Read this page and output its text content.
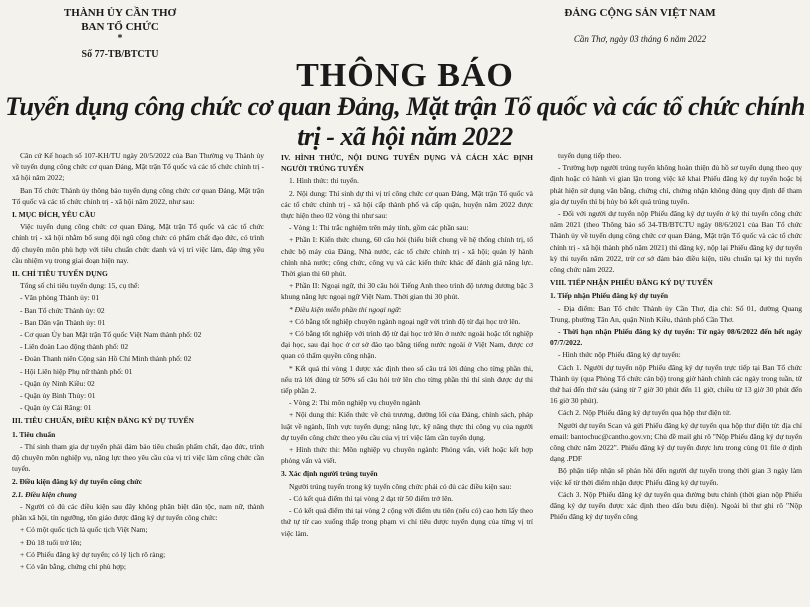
THÀNH ỦY CẦN THƠ
BAN TỔ CHỨC
*
Số 77-TB/BTCTU
ĐẢNG CỘNG SẢN VIỆT NAM
Cần Thơ, ngày 03 tháng 6 năm 2022
THÔNG BÁO
Tuyển dụng công chức cơ quan Đảng, Mặt trận Tổ quốc và các tổ chức chính trị - xã hội năm 2022

Căn cứ Kế hoạch số 107-KH/TU ngày 20/5/2022 của Ban Thường vụ Thành ủy về tuyển dụng công chức cơ quan Đảng, Mặt trận Tổ quốc và các tổ chức chính trị - xã hội năm 2022;

Ban Tổ chức Thành ủy thông báo tuyển dụng công chức cơ quan Đảng, Mặt trận Tổ quốc và các tổ chức chính trị - xã hội năm 2022, như sau:

I. MỤC ĐÍCH, YÊU CẦU

Việc tuyển dụng công chức cơ quan Đảng, Mặt trận Tổ quốc và các tổ chức chính trị - xã hội nhằm bổ sung đội ngũ công chức có phẩm chất đạo đức, có trình độ chuyên môn phù hợp với tiêu chuẩn chức danh và vị trí việc làm, đáp ứng yêu cầu nhiệm vụ trong giai đoạn hiện nay.

II. CHỈ TIÊU TUYỂN DỤNG

Tổng số chỉ tiêu tuyển dụng: 15, cụ thể:

- Văn phòng Thành ủy: 01

- Ban Tổ chức Thành ủy: 02

- Ban Dân vận Thành ủy: 01

- Cơ quan Ủy ban Mặt trận Tổ quốc Việt Nam thành phố: 02

- Liên đoàn Lao động thành phố: 02

- Đoàn Thanh niên Cộng sản Hồ Chí Minh thành phố: 02

- Hội Liên hiệp Phụ nữ thành phố: 01

- Quận ủy Ninh Kiều: 02

- Quận ủy Bình Thủy: 01

- Quận ủy Cái Răng: 01

III. TIÊU CHUẨN, ĐIỀU KIỆN ĐĂNG KÝ DỰ TUYỂN

1. Tiêu chuẩn

- Thí sinh tham gia dự tuyển phải đảm bảo tiêu chuẩn phẩm chất, đạo đức, trình độ chuyên môn nghiệp vụ, năng lực theo yêu cầu của vị trí việc làm công chức cần tuyển.

2. Điều kiện đăng ký dự tuyển công chức

2.1. Điều kiện chung

- Người có đủ các điều kiện sau đây không phân biệt dân tộc, nam nữ, thành phần xã hội, tín ngưỡng, tôn giáo được đăng ký dự tuyển công chức:

+ Có một quốc tịch là quốc tịch Việt Nam;

+ Đủ 18 tuổi trở lên;

+ Có Phiếu đăng ký dự tuyển; có lý lịch rõ ràng;

+ Có văn bằng, chứng chỉ phù hợp;

IV. HÌNH THỨC, NỘI DUNG TUYỂN DỤNG VÀ CÁCH XÁC ĐỊNH NGƯỜI TRÚNG TUYỂN

1. Hình thức: thi tuyển.

2. Nội dung: Thí sinh dự thi vị trí công chức cơ quan Đảng, Mặt trận Tổ quốc và các tổ chức chính trị - xã hội cấp thành phố và cấp quận, huyện năm 2022 được thực hiện theo 02 vòng thi như sau:

- Vòng 1: Thi trắc nghiệm trên máy tính, gồm các phần sau:

+ Phần I: Kiến thức chung, 60 câu hỏi (hiểu biết chung về hệ thống chính trị, tổ chức bộ máy của Đảng, Nhà nước, các tổ chức chính trị - xã hội; quản lý hành chính nhà nước; công chức, công vụ và các kiến thức khác để đánh giá năng lực. Thời gian thi 60 phút.

+ Phần II: Ngoại ngữ, thi 30 câu hỏi Tiếng Anh theo trình độ tương đương bậc 3 khung năng lực ngoại ngữ Việt Nam. Thời gian thi 30 phút.

* Điều kiện miễn phần thi ngoại ngữ:

+ Có bằng tốt nghiệp chuyên ngành ngoại ngữ với trình độ từ đại học trở lên.

+ Có bằng tốt nghiệp với trình độ từ đại học trở lên ở nước ngoài hoặc tốt nghiệp đại học, sau đại học ở cơ sở đào tạo bằng tiếng nước ngoài ở Việt Nam, được cơ quan có thẩm quyền công nhận.

* Kết quả thi vòng 1 được xác định theo số câu trả lời đúng cho từng phần thi, nếu trả lời đúng từ 50% số câu hỏi trở lên cho từng phần thì thí sinh được dự thi tiếp phần 2.

- Vòng 2: Thi môn nghiệp vụ chuyên ngành

+ Nội dung thi: Kiến thức về chủ trương, đường lối của Đảng, chính sách, pháp luật về ngành, lĩnh vực tuyển dụng; năng lực, kỹ năng thực thi công vụ của người dự tuyển công chức theo yêu cầu của vị trí việc làm cần tuyển dụng.

+ Hình thức thi: Môn nghiệp vụ chuyên ngành: Phỏng vấn, viết hoặc kết hợp phỏng vấn và viết.

3. Xác định người trúng tuyển

Người trúng tuyển trong kỳ tuyển công chức phải có đủ các điều kiện sau:

- Có kết quả điểm thi tại vòng 2 đạt từ 50 điểm trở lên.

- Có kết quả điểm thi tại vòng 2 cộng với điểm ưu tiên (nếu có) cao hơn lấy theo thứ tự từ cao xuống thấp trong phạm vi chỉ tiêu được tuyển dụng của từng vị trí việc làm.

tuyển dụng tiếp theo.

- Trường hợp người trúng tuyển không hoàn thiện đủ hồ sơ tuyển dụng theo quy định hoặc có hành vi gian lận trong việc kê khai Phiếu đăng ký dự tuyển hoặc bị phát hiện sử dụng văn bằng, chứng chỉ, chứng nhận không đúng quy định để tham gia dự tuyển thì bị hủy bỏ kết quả trúng tuyển.

- Đối với người dự tuyển nộp Phiếu đăng ký dự tuyển ở kỳ thi tuyển công chức năm 2021 (theo Thông báo số 34-TB/BTCTU ngày 08/6/2021 của Ban Tổ chức Thành ủy về tuyển dụng công chức cơ quan Đảng, Mặt trận Tổ quốc và các tổ chức chính trị - xã hội thành phố năm 2021) thì đăng ký, nộp lại Phiếu đăng ký dự tuyển kỳ thi tuyển năm 2022, trừ cơ sở đảm bảo điều kiện, tiêu chuẩn tại kỳ thi tuyển công chức năm 2022.

VIII. TIẾP NHẬN PHIẾU ĐĂNG KÝ DỰ TUYỂN

1. Tiếp nhận Phiếu đăng ký dự tuyển

- Địa điểm: Ban Tổ chức Thành ủy Cần Thơ, địa chỉ: Số 01, đường Quang Trung, phường Tân An, quận Ninh Kiều, thành phố Cần Thơ.

- Thời hạn nhận Phiếu đăng ký dự tuyển: Từ ngày 08/6/2022 đến hết ngày 07/7/2022.

- Hình thức nộp Phiếu đăng ký dự tuyển:

Cách 1. Người dự tuyển nộp Phiếu đăng ký dự tuyển trực tiếp tại Ban Tổ chức Thành ủy (qua Phòng Tổ chức cán bộ) trong giờ hành chính các ngày trong tuần, từ thứ hai đến thứ sáu (sáng từ 7 giờ 30 phút đến 11 giờ, chiều từ 13 giờ 30 phút đến 16 giờ 30 phút).

Cách 2. Nộp Phiếu đăng ký dự tuyển qua hộp thư điện tử.

Người dự tuyển Scan và gửi Phiếu đăng ký dự tuyển qua hộp thư điện tử: địa chỉ email: bantochuc@cantho.gov.vn; Chủ đề mail ghi rõ "Nộp Phiếu đăng ký dự tuyển công chức năm 2022". Phiếu đăng ký dự tuyển được lưu trong cùng 01 file ở định dạng .PDF

Bộ phận tiếp nhận sẽ phản hồi đến người dự tuyển trong thời gian 3 ngày làm việc kể từ thời điểm nhận được Phiếu đăng ký dự tuyển.

Cách 3. Nộp Phiếu đăng ký dự tuyển qua đường bưu chính (thời gian nộp Phiếu đăng ký dự tuyển được xác định theo dấu bưu điện). Ngoài bì thư ghi rõ "Nộp Phiếu đăng ký dự tuyển công
